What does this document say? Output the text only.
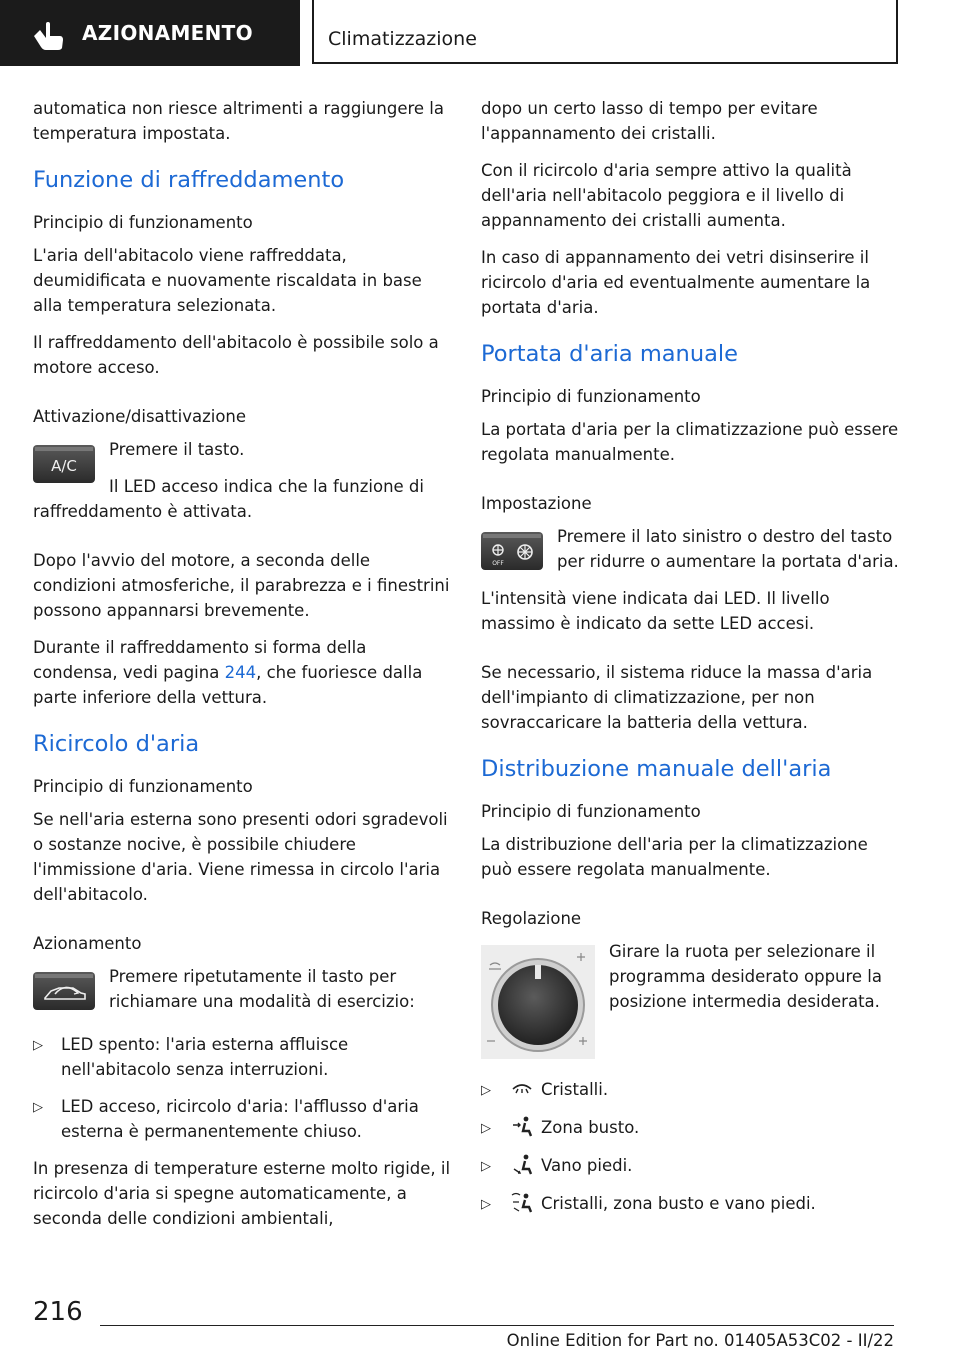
AZIONAMENTO	Climatizzazione

automatica non riesce altrimenti a raggiungere la temperatura impostata.

Funzione di raffreddamento
Principio di funzionamento

L'aria dell'abitacolo viene raffreddata, deumidificata e nuovamente riscaldata in base alla temperatura selezionata.

Il raffreddamento dell'abitacolo è possibile solo a motore acceso.

Attivazione/disattivazione
A/C

Premere il tasto.

Il LED acceso indica che la funzione di raffreddamento è attivata.

Dopo l'avvio del motore, a seconda delle condizioni atmosferiche, il parabrezza e i finestrini possono appannarsi brevemente.

Durante il raffreddamento si forma della condensa, vedi pagina 244, che fuoriesce dalla parte inferiore della vettura.

Ricircolo d'aria
Principio di funzionamento

Se nell'aria esterna sono presenti odori sgradevoli o sostanze nocive, è possibile chiudere l'immissione d'aria. Viene rimessa in circolo l'aria dell'abitacolo.

Azionamento

Premere ripetutamente il tasto per richiamare una modalità di esercizio:

▷	LED spento: l'aria esterna affluisce nell'abitacolo senza interruzioni.
▷	LED acceso, ricircolo d'aria: l'afflusso d'aria esterna è permanentemente chiuso.

In presenza di temperature esterne molto rigide, il ricircolo d'aria si spegne automaticamente, a seconda delle condizioni ambientali,

dopo un certo lasso di tempo per evitare l'appannamento dei cristalli.

Con il ricircolo d'aria sempre attivo la qualità dell'aria nell'abitacolo peggiora e il livello di appannamento dei cristalli aumenta.

In caso di appannamento dei vetri disinserire il ricircolo d'aria ed eventualmente aumentare la portata d'aria.

Portata d'aria manuale
Principio di funzionamento

La portata d'aria per la climatizzazione può essere regolata manualmente.

Impostazione
OFF

Premere il lato sinistro o destro del tasto per ridurre o aumentare la portata d'aria.

L'intensità viene indicata dai LED. Il livello massimo è indicato da sette LED accesi.

Se necessario, il sistema riduce la massa d'aria dell'impianto di climatizzazione, per non sovraccaricare la batteria della vettura.

Distribuzione manuale dell'aria
Principio di funzionamento

La distribuzione dell'aria per la climatizzazione può essere regolata manualmente.

Regolazione

Girare la ruota per selezionare il programma desiderato oppure la posizione intermedia desiderata.

▷	Cristalli.
▷	Zona busto.
▷	Vano piedi.
▷	Cristalli, zona busto e vano piedi.
216
Online Edition for Part no. 01405A53C02 - II/22
